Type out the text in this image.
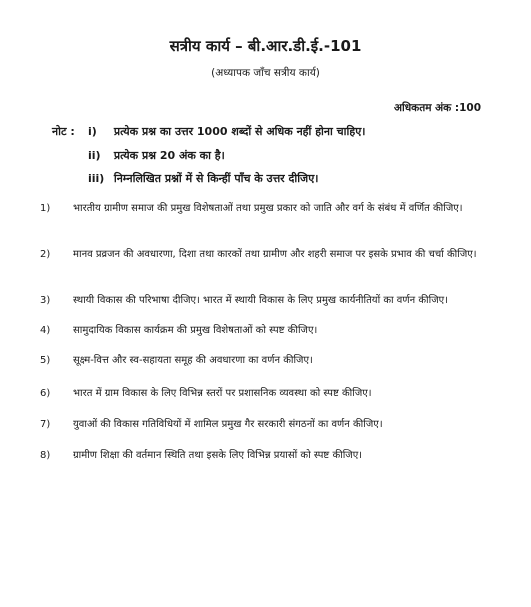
सत्रीय कार्य – बी.आर.डी.ई.-101
(अध्यापक जाँच सत्रीय कार्य)
अधिकतम अंक :100
नोट : i) प्रत्येक प्रश्न का उत्तर 1000 शब्दों से अधिक नहीं होना चाहिए।
ii) प्रत्येक प्रश्न 20 अंक का है।
iii) निम्नलिखित प्रश्नों में से किन्हीं पाँच के उत्तर दीजिए।
1)	भारतीय ग्रामीण समाज की प्रमुख विशेषताओं तथा प्रमुख प्रकार को जाति और वर्ग के संबंध में वर्णित कीजिए।
2)	मानव प्रव्रजन की अवधारणा, दिशा तथा कारकों तथा ग्रामीण और शहरी समाज पर इसके प्रभाव की चर्चा कीजिए।
3)	स्थायी विकास की परिभाषा दीजिए। भारत में स्थायी विकास के लिए प्रमुख कार्यनीतियों का वर्णन कीजिए।
4)	सामुदायिक विकास कार्यक्रम की प्रमुख विशेषताओं को स्पष्ट कीजिए।
5)	सूक्ष्म-वित्त और स्व-सहायता समूह की अवधारणा का वर्णन कीजिए।
6)	भारत में ग्राम विकास के लिए विभिन्न स्तरों पर प्रशासनिक व्यवस्था को स्पष्ट कीजिए।
7)	युवाओं की विकास गतिविधियों में शामिल प्रमुख गैर सरकारी संगठनों का वर्णन कीजिए।
8)	ग्रामीण शिक्षा की वर्तमान स्थिति तथा इसके लिए विभिन्न प्रयासों को स्पष्ट कीजिए।
